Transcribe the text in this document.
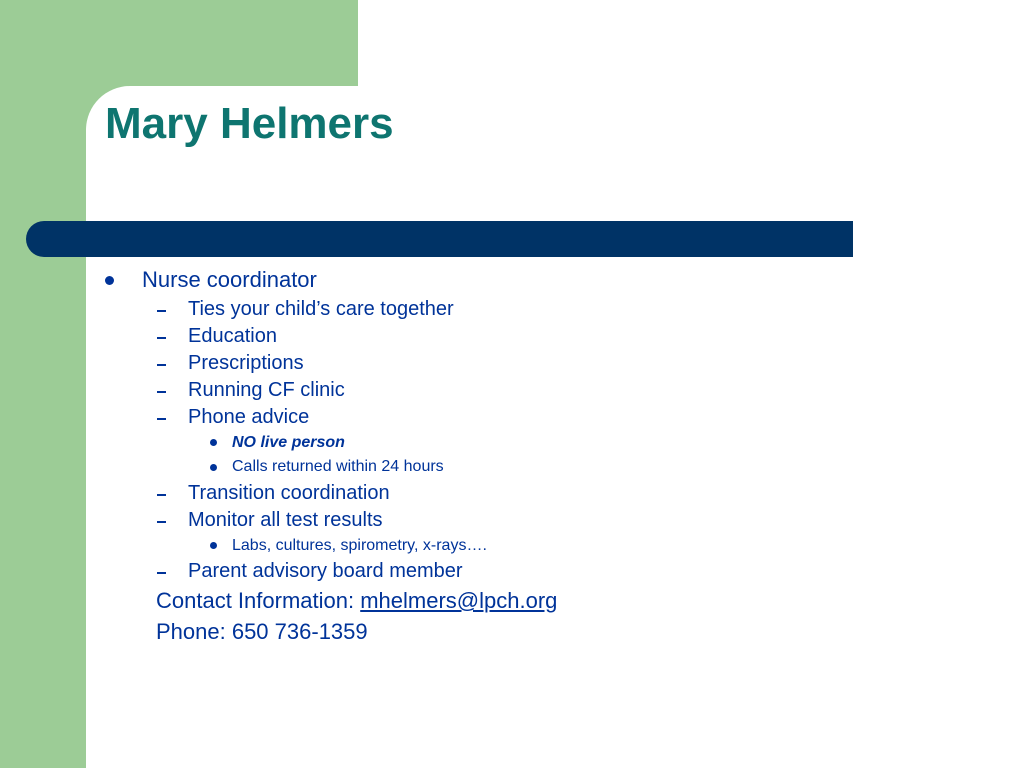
Mary Helmers
Nurse coordinator
Ties your child’s care together
Education
Prescriptions
Running CF clinic
Phone advice
NO live person
Calls returned within 24 hours
Transition coordination
Monitor all test results
Labs, cultures, spirometry, x-rays….
Parent advisory board member
Contact Information: mhelmers@lpch.org
Phone: 650 736-1359
